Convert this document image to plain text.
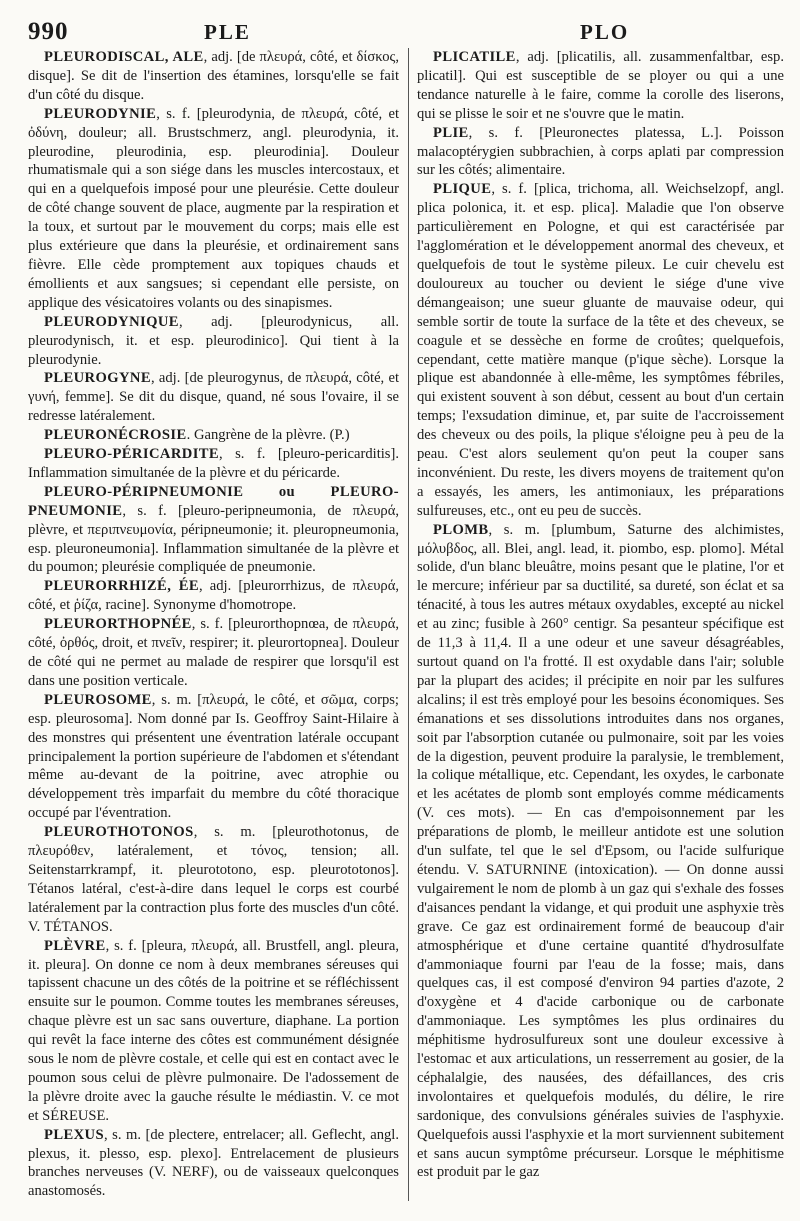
990	PLE	PLO

PLEURODISCAL, ALE, adj. [de πλευρά, côté, et δίσκος, disque]. Se dit de l'insertion des étamines, lorsqu'elle se fait d'un côté du disque.

PLEURODYNIE, s. f. [pleurodynia, de πλευρά, côté, et ὀδύνη, douleur; all. Brustschmerz, angl. pleurodynia, it. pleurodine, pleurodinia, esp. pleurodinia]. Douleur rhumatismale qui a son siége dans les muscles intercostaux, et qui en a quelquefois imposé pour une pleurésie. Cette douleur de côté change souvent de place, augmente par la respiration et la toux, et surtout par le mouvement du corps; mais elle est plus extérieure que dans la pleurésie, et ordinairement sans fièvre. Elle cède promptement aux topiques chauds et émollients et aux sangsues; si cependant elle persiste, on applique des vésicatoires volants ou des sinapismes.

PLEURODYNIQUE, adj. [pleurodynicus, all. pleurodynisch, it. et esp. pleurodinico]. Qui tient à la pleurodynie.

PLEUROGYNE, adj. [de pleurogynus, de πλευρά, côté, et γυνή, femme]. Se dit du disque, quand, né sous l'ovaire, il se redresse latéralement.

PLEURONÉCROSIE. Gangrène de la plèvre. (P.)

PLEURO-PÉRICARDITE, s. f. [pleuro-pericarditis]. Inflammation simultanée de la plèvre et du péricarde.

PLEURO-PÉRIPNEUMONIE ou PLEURO-PNEUMONIE, s. f. [pleuro-peripneumonia, de πλευρά, plèvre, et περιπνευμονία, péripneumonie; it. pleuropneumonia, esp. pleuroneumonia]. Inflammation simultanée de la plèvre et du poumon; pleurésie compliquée de pneumonie.

PLEURORRHIZÉ, ÉE, adj. [pleurorrhizus, de πλευρά, côté, et ῥίζα, racine]. Synonyme d'homotrope.

PLEURORTHOPNÉE, s. f. [pleurorthopnœa, de πλευρά, côté, ὀρθός, droit, et πνεῖν, respirer; it. pleurortopnea]. Douleur de côté qui ne permet au malade de respirer que lorsqu'il est dans une position verticale.

PLEUROSOME, s. m. [πλευρά, le côté, et σῶμα, corps; esp. pleurosoma]. Nom donné par Is. Geoffroy Saint-Hilaire à des monstres qui présentent une éventration latérale occupant principalement la portion supérieure de l'abdomen et s'étendant même au-devant de la poitrine, avec atrophie ou développement très imparfait du membre du côté thoracique occupé par l'éventration.

PLEUROTHOTONOS, s. m. [pleurothotonus, de πλευρόθεν, latéralement, et τόνος, tension; all. Seitenstarrkrampf, it. pleurototono, esp. pleurototonos]. Tétanos latéral, c'est-à-dire dans lequel le corps est courbé latéralement par la contraction plus forte des muscles d'un côté. V. TÉTANOS.

PLÈVRE, s. f. [pleura, πλευρά, all. Brustfell, angl. pleura, it. pleura]. On donne ce nom à deux membranes séreuses qui tapissent chacune un des côtés de la poitrine et se réfléchissent ensuite sur le poumon. Comme toutes les membranes séreuses, chaque plèvre est un sac sans ouverture, diaphane. La portion qui revêt la face interne des côtes est communément désignée sous le nom de plèvre costale, et celle qui est en contact avec le poumon sous celui de plèvre pulmonaire. De l'adossement de la plèvre droite avec la gauche résulte le médiastin. V. ce mot et SÉREUSE.

PLEXUS, s. m. [de plectere, entrelacer; all. Geflecht, angl. plexus, it. plesso, esp. plexo]. Entrelacement de plusieurs branches nerveuses (V. NERF), ou de vaisseaux quelconques anastomosés.

PLICATILE, adj. [plicatilis, all. zusammenfaltbar, esp. plicatil]. Qui est susceptible de se ployer ou qui a une tendance naturelle à le faire, comme la corolle des liserons, qui se plisse le soir et ne s'ouvre que le matin.

PLIE, s. f. [Pleuronectes platessa, L.]. Poisson malacoptérygien subbrachien, à corps aplati par compression sur les côtés; alimentaire.

PLIQUE, s. f. [plica, trichoma, all. Weichselzopf, angl. plica polonica, it. et esp. plica]. Maladie que l'on observe particulièrement en Pologne, et qui est caractérisée par l'agglomération et le développement anormal des cheveux, et quelquefois de tout le système pileux. Le cuir chevelu est douloureux au toucher ou devient le siége d'une vive démangeaison; une sueur gluante de mauvaise odeur, qui semble sortir de toute la surface de la tête et des cheveux, se coagule et se dessèche en forme de croûtes; quelquefois, cependant, cette matière manque (p'ique sèche). Lorsque la plique est abandonnée à elle-même, les symptômes fébriles, qui existent souvent à son début, cessent au bout d'un certain temps; l'exsudation diminue, et, par suite de l'accroissement des cheveux ou des poils, la plique s'éloigne peu à peu de la peau. C'est alors seulement qu'on peut la couper sans inconvénient. Du reste, les divers moyens de traitement qu'on a essayés, les amers, les antimoniaux, les préparations sulfureuses, etc., ont eu peu de succès.

PLOMB, s. m. [plumbum, Saturne des alchimistes, μόλυβδος, all. Blei, angl. lead, it. piombo, esp. plomo]. Métal solide, d'un blanc bleuâtre, moins pesant que le platine, l'or et le mercure; inférieur par sa ductilité, sa dureté, son éclat et sa ténacité, à tous les autres métaux oxydables, excepté au nickel et au zinc; fusible à 260° centigr. Sa pesanteur spécifique est de 11,3 à 11,4. Il a une odeur et une saveur désagréables, surtout quand on l'a frotté. Il est oxydable dans l'air; soluble par la plupart des acides; il précipite en noir par les sulfures alcalins; il est très employé pour les besoins économiques. Ses émanations et ses dissolutions introduites dans nos organes, soit par l'absorption cutanée ou pulmonaire, soit par les voies de la digestion, peuvent produire la paralysie, le tremblement, la colique métallique, etc. Cependant, les oxydes, le carbonate et les acétates de plomb sont employés comme médicaments (V. ces mots). — En cas d'empoisonnement par les préparations de plomb, le meilleur antidote est une solution d'un sulfate, tel que le sel d'Epsom, ou l'acide sulfurique étendu. V. SATURNINE (intoxication). — On donne aussi vulgairement le nom de plomb à un gaz qui s'exhale des fosses d'aisances pendant la vidange, et qui produit une asphyxie très grave. Ce gaz est ordinairement formé de beaucoup d'air atmosphérique et d'une certaine quantité d'hydrosulfate d'ammoniaque fourni par l'eau de la fosse; mais, dans quelques cas, il est composé d'environ 94 parties d'azote, 2 d'oxygène et 4 d'acide carbonique ou de carbonate d'ammoniaque. Les symptômes les plus ordinaires du méphitisme hydrosulfureux sont une douleur excessive à l'estomac et aux articulations, un resserrement au gosier, de la céphalalgie, des nausées, des défaillances, des cris involontaires et quelquefois modulés, du délire, le rire sardonique, des convulsions générales suivies de l'asphyxie. Quelquefois aussi l'asphyxie et la mort surviennent subitement et sans aucun symptôme précurseur. Lorsque le méphitisme est produit par le gaz
